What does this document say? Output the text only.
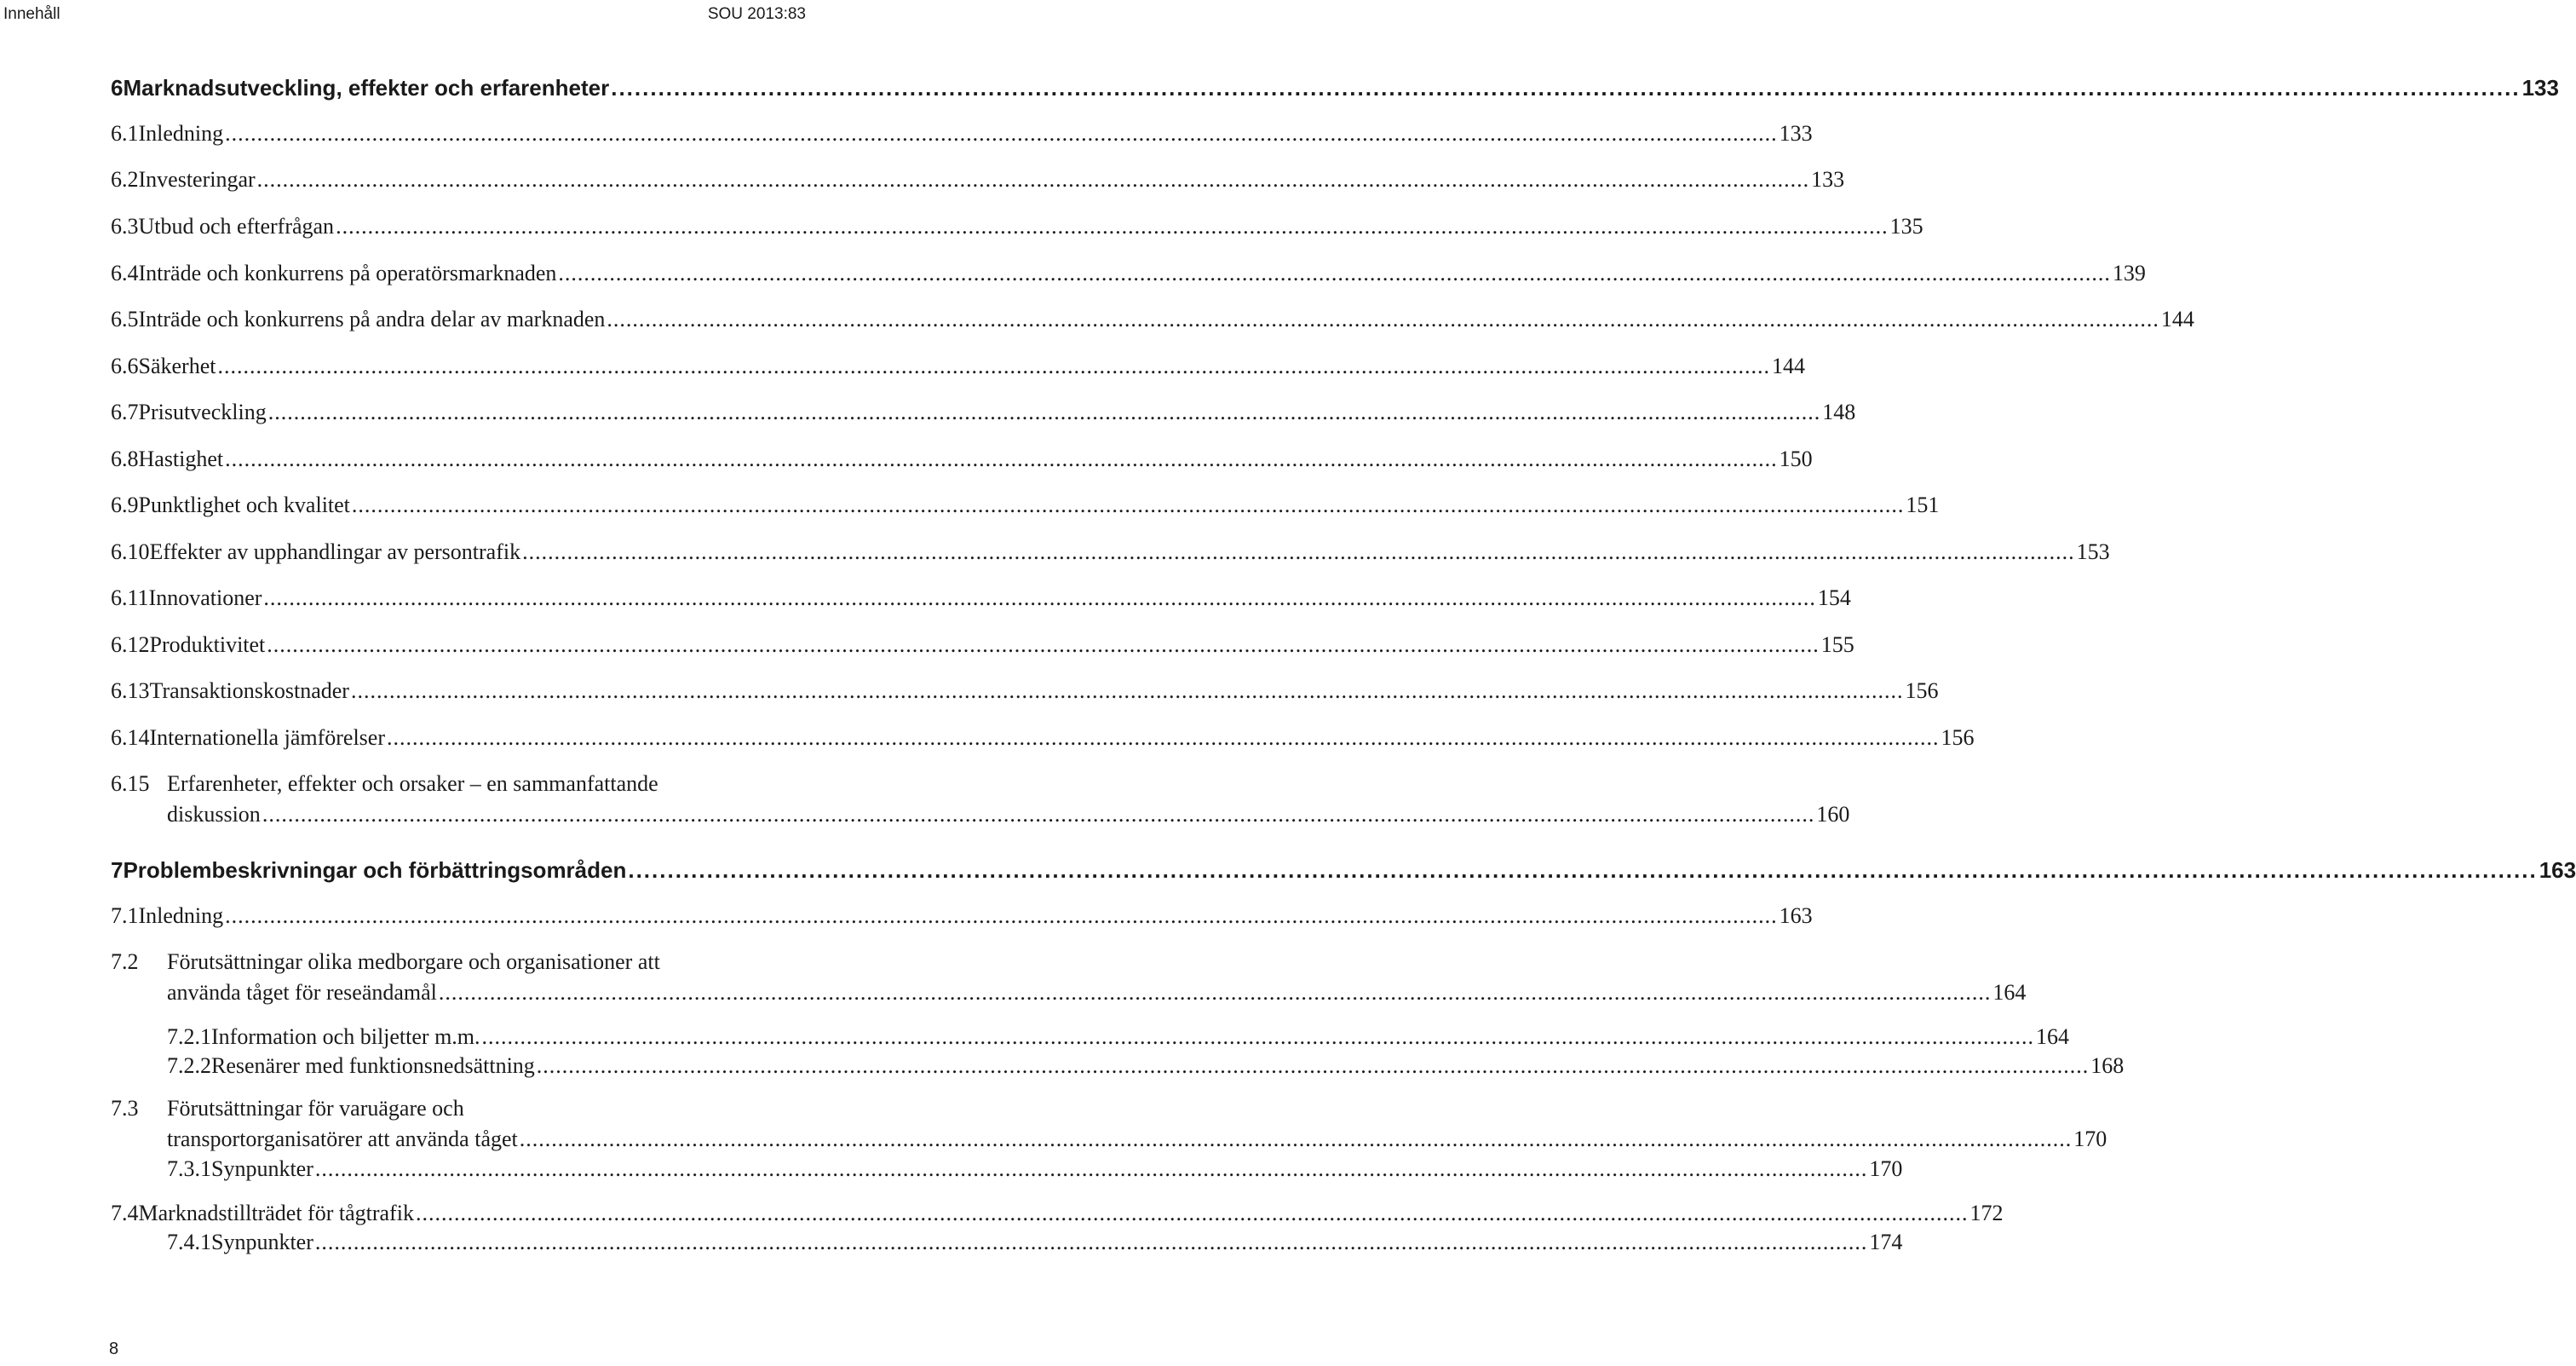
Innehåll	SOU 2013:83
6 Marknadsutveckling, effekter och erfarenheter .....	133
6.1 Inledning .....	133
6.2 Investeringar .....	133
6.3 Utbud och efterfrågan .....	135
6.4 Inträde och konkurrens på operatörsmarknaden .....	139
6.5 Inträde och konkurrens på andra delar av marknaden .....	144
6.6 Säkerhet .....	144
6.7 Prisutveckling .....	148
6.8 Hastighet .....	150
6.9 Punktlighet och kvalitet .....	151
6.10 Effekter av upphandlingar av persontrafik .....	153
6.11 Innovationer .....	154
6.12 Produktivitet .....	155
6.13 Transaktionskostnader .....	156
6.14 Internationella jämförelser .....	156
6.15 Erfarenheter, effekter och orsaker – en sammanfattande
diskussion .....	160
7 Problembeskrivningar och förbättringsområden .....	163
7.1 Inledning .....	163
7.2	Förutsättningar olika medborgare och organisationer att
använda tåget för reseändamål .....	164
7.2.1 Information och biljetter m.m. .....	164
7.2.2 Resenärer med funktionsnedsättning .....	168
7.3	Förutsättningar för varuägare och
transportorganisatörer att använda tåget .....	170
7.3.1 Synpunkter .....	170
7.4 Marknadstillträdet för tågtrafik .....	172
7.4.1 Synpunkter .....	174
8
